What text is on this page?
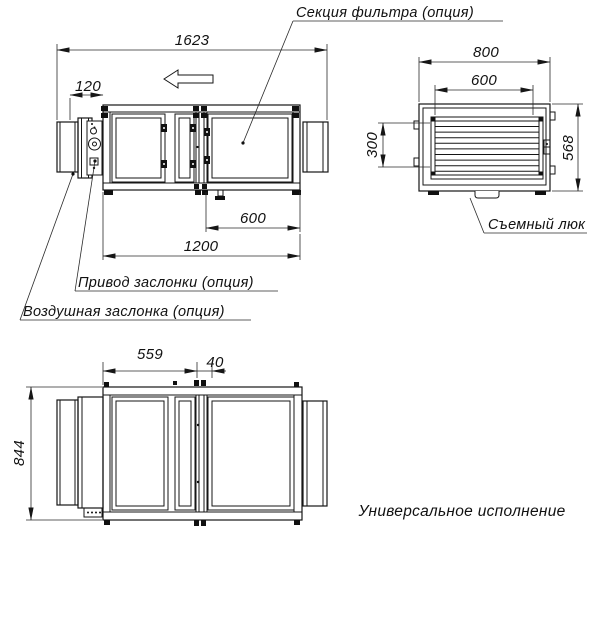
1623
120
600
1200
Секция фильтра (опция)
Привод заслонки (опция)
Воздушная заслонка (опция)
800
600
300	568
Съемный люк
559	40
844
Универсальное исполнение
